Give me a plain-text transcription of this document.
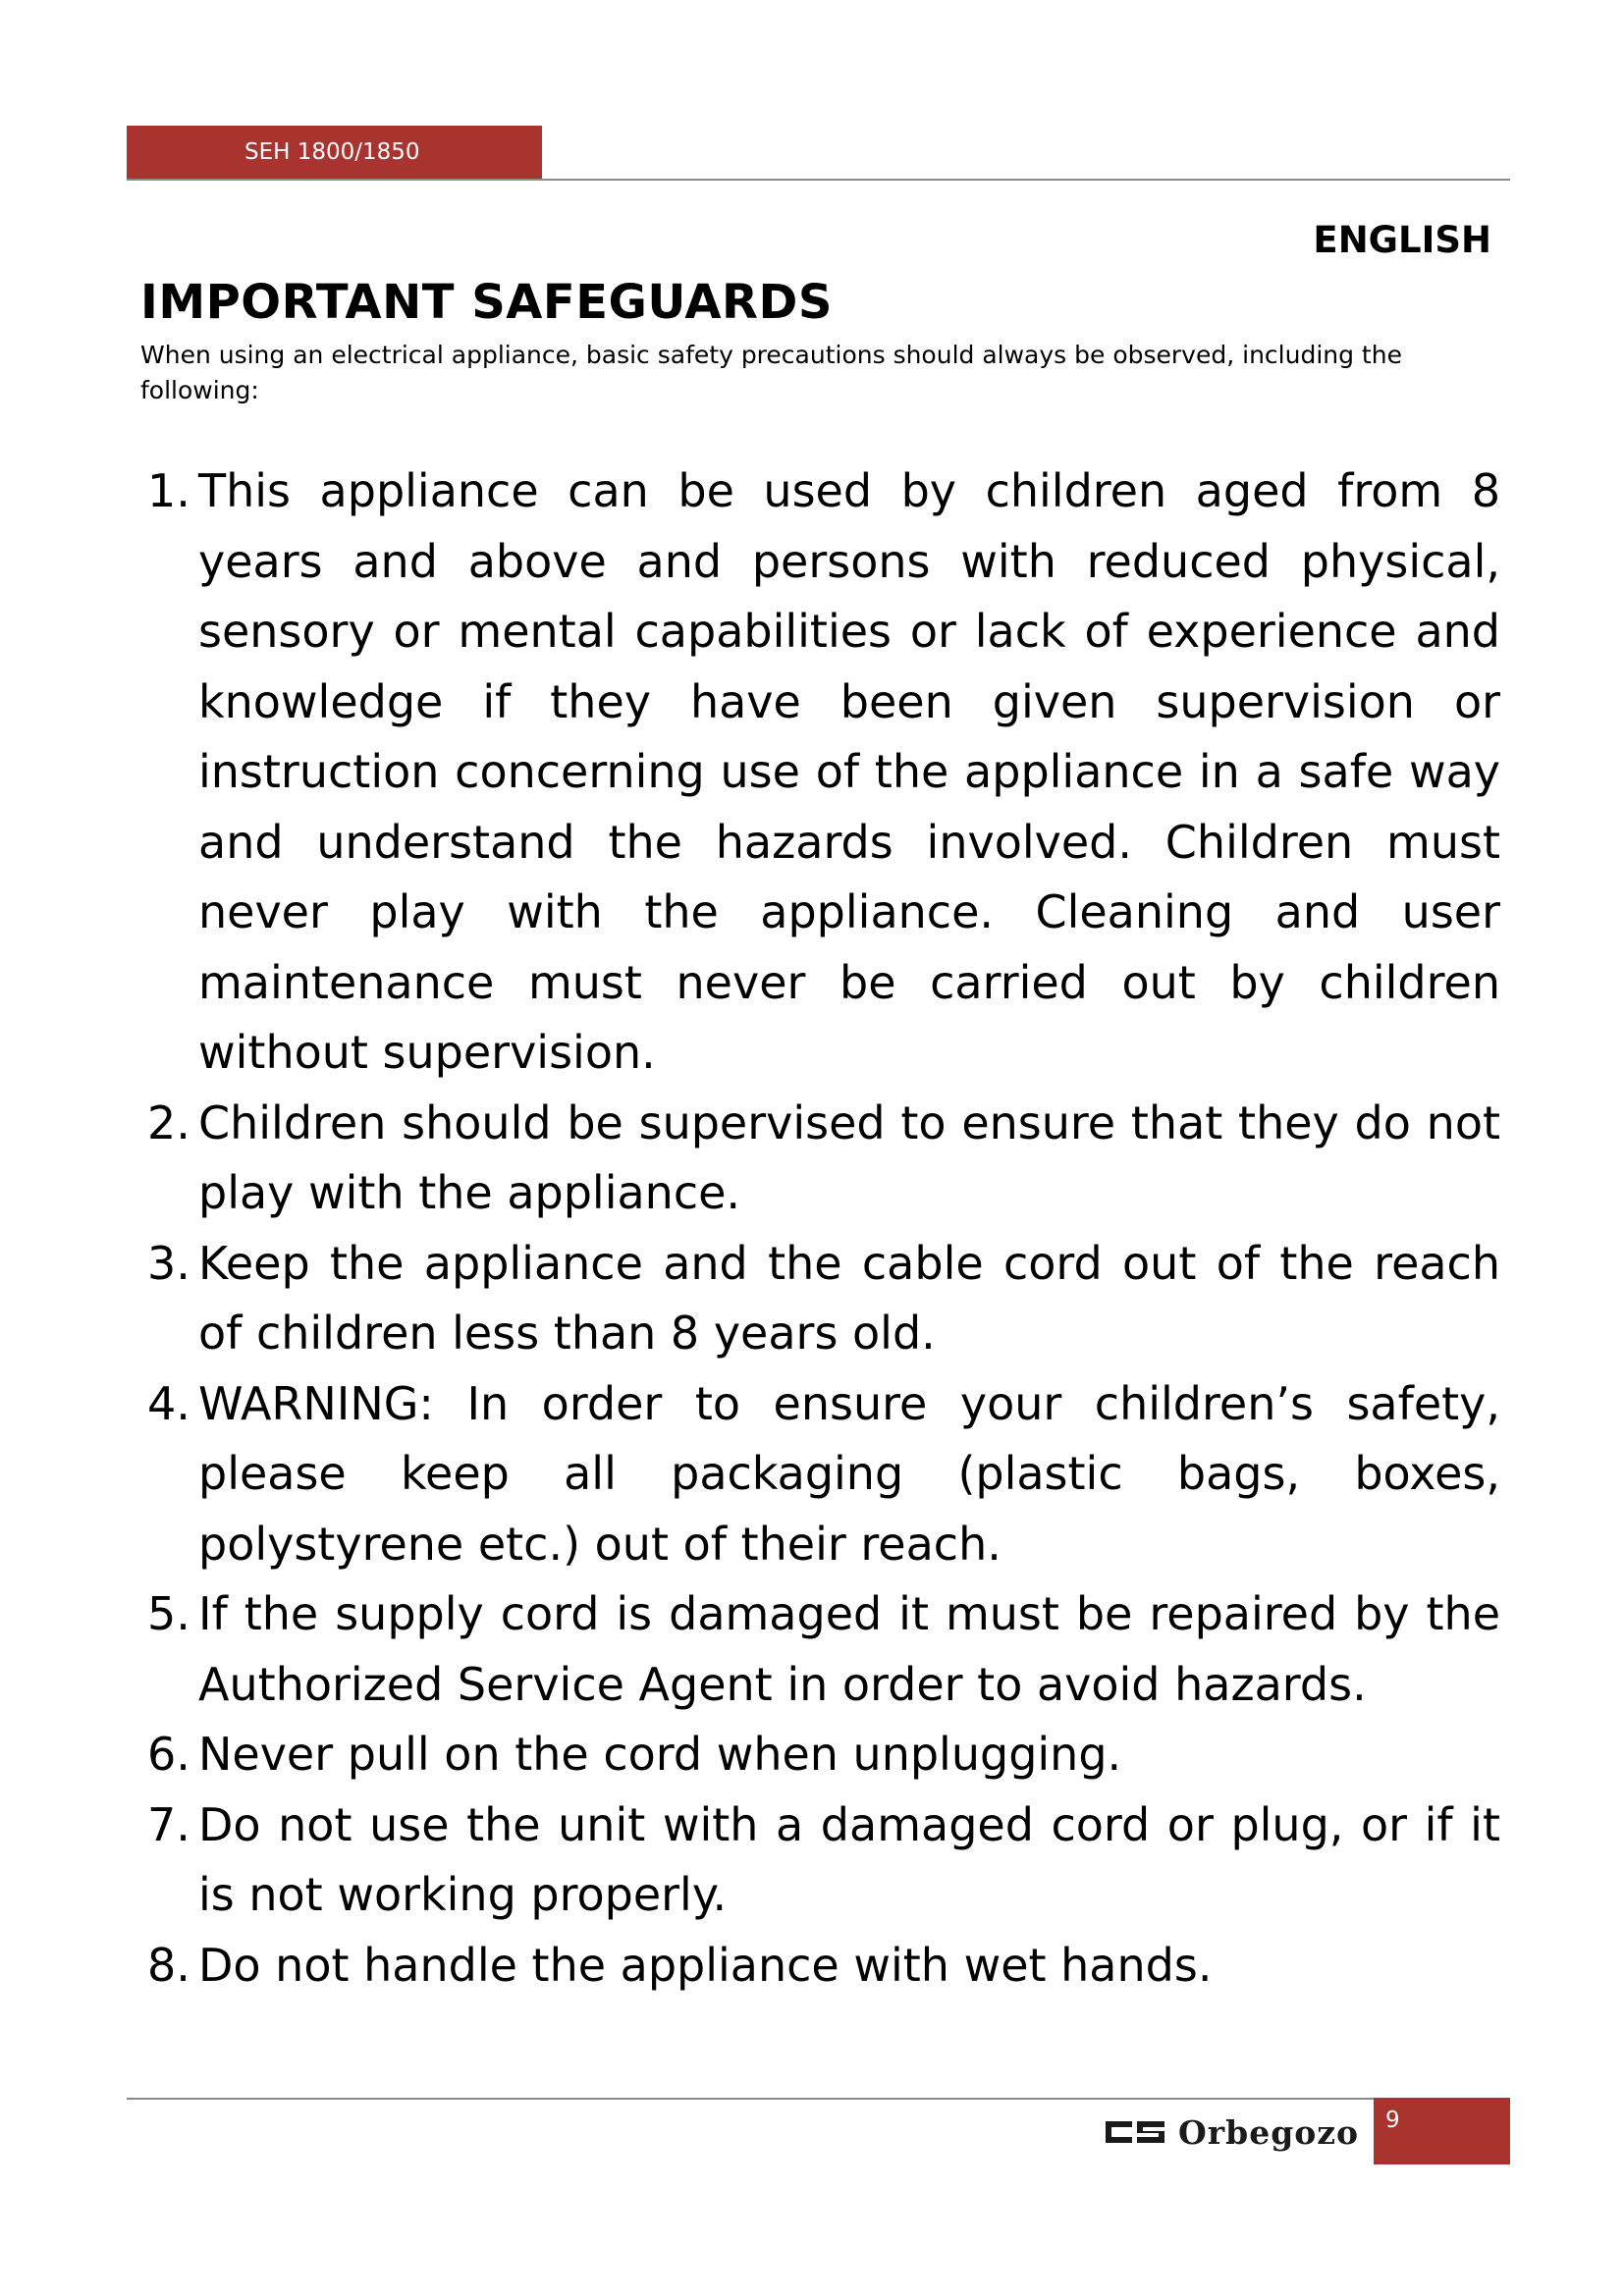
SEH 1800/1850
ENGLISH
IMPORTANT SAFEGUARDS
When using an electrical appliance, basic safety precautions should always be observed, including the following:
1. This appliance can be used by children aged from 8 years and above and persons with reduced physical, sensory or mental capabilities or lack of experience and knowledge if they have been given supervision or instruction concerning use of the appliance in a safe way and understand the hazards involved. Children must never play with the appliance. Cleaning and user maintenance must never be carried out by children without supervision.
2. Children should be supervised to ensure that they do not play with the appliance.
3. Keep the appliance and the cable cord out of the reach of children less than 8 years old.
4. WARNING: In order to ensure your children’s safety, please keep all packaging (plastic bags, boxes, polystyrene etc.) out of their reach.
5. If the supply cord is damaged it must be repaired by the Authorized Service Agent in order to avoid hazards.
6. Never pull on the cord when unplugging.
7. Do not use the unit with a damaged cord or plug, or if it is not working properly.
8. Do not handle the appliance with wet hands.
Orbegozo	9
